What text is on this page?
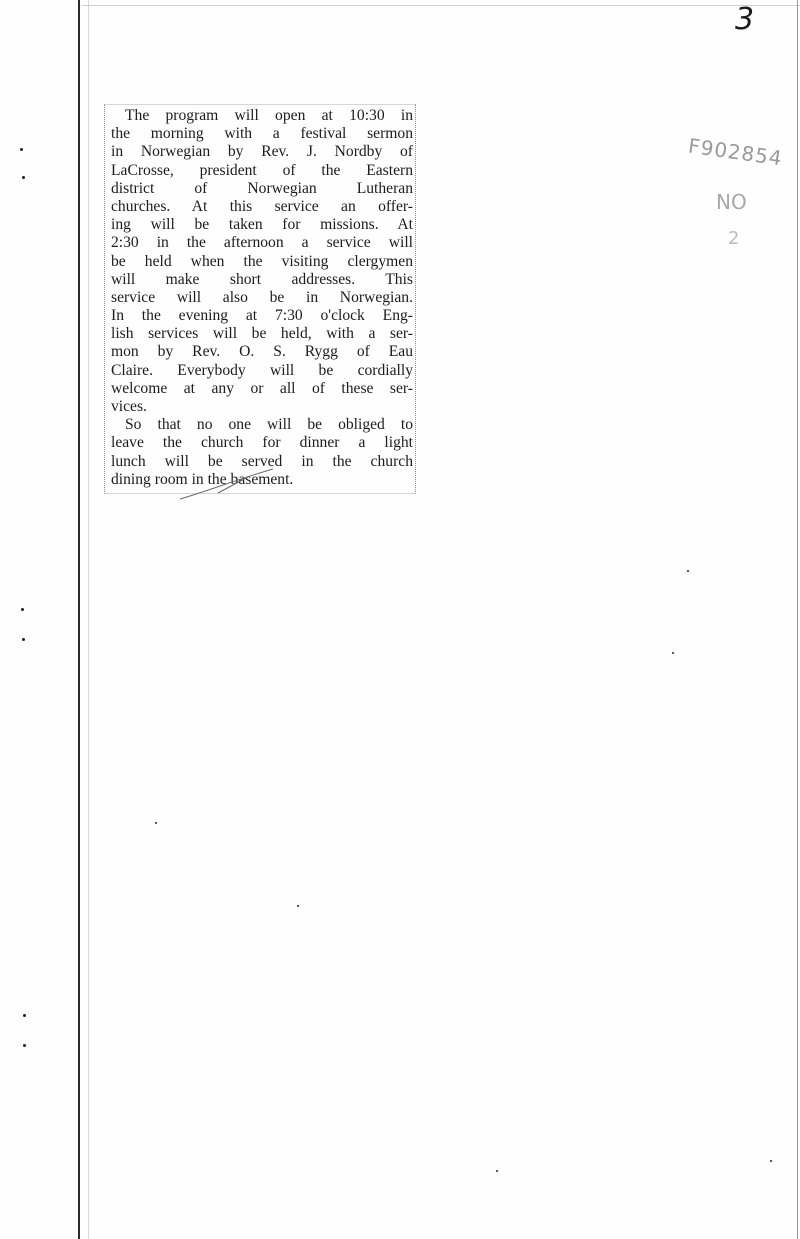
3
F902854
NO
2
The program will open at 10:30 in
the morning with a festival sermon
in Norwegian by Rev. J. Nordby of
LaCrosse, president of the Eastern
district of Norwegian Lutheran
churches. At this service an offer-
ing will be taken for missions. At
2:30 in the afternoon a service will
be held when the visiting clergymen
will make short addresses. This
service will also be in Norwegian.
In the evening at 7:30 o'clock Eng-
lish services will be held, with a ser-
mon by Rev. O. S. Rygg of Eau
Claire. Everybody will be cordially
welcome at any or all of these ser-
vices.
So that no one will be obliged to
leave the church for dinner a light
lunch will be served in the church
dining room in the basement.
